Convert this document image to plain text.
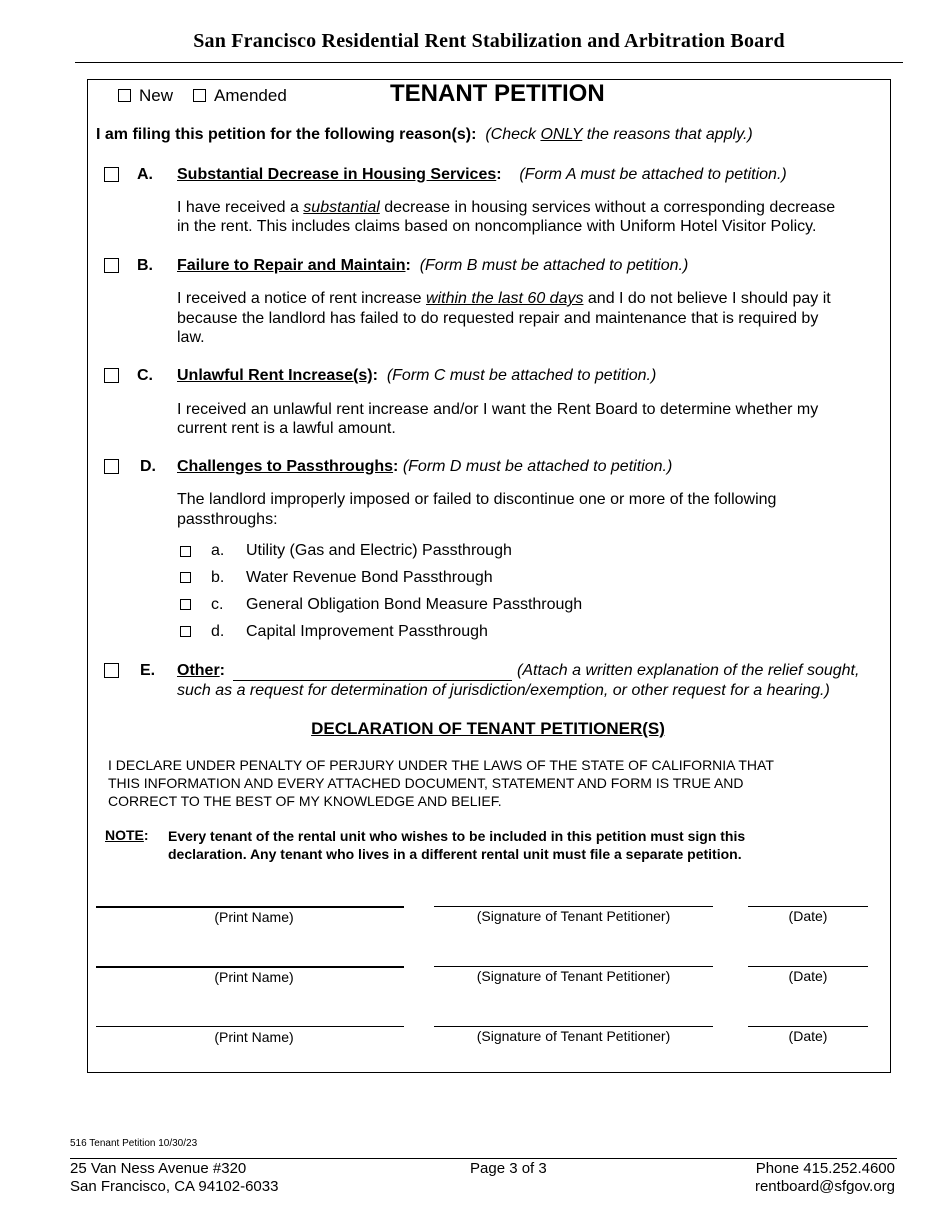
San Francisco Residential Rent Stabilization and Arbitration Board
New Amended	TENANT PETITION
I am filing this petition for the following reason(s): (Check ONLY the reasons that apply.)
A. Substantial Decrease in Housing Services: (Form A must be attached to petition.)
I have received a substantial decrease in housing services without a corresponding decrease
in the rent. This includes claims based on noncompliance with Uniform Hotel Visitor Policy.
B. Failure to Repair and Maintain: (Form B must be attached to petition.)
I received a notice of rent increase within the last 60 days and I do not believe I should pay it
because the landlord has failed to do requested repair and maintenance that is required by
law.
C. Unlawful Rent Increase(s): (Form C must be attached to petition.)
I received an unlawful rent increase and/or I want the Rent Board to determine whether my
current rent is a lawful amount.
D. Challenges to Passthroughs: (Form D must be attached to petition.)
The landlord improperly imposed or failed to discontinue one or more of the following
passthroughs:
a. Utility (Gas and Electric) Passthrough
b. Water Revenue Bond Passthrough
c. General Obligation Bond Measure Passthrough
d. Capital Improvement Passthrough
E. Other:	(Attach a written explanation of the relief sought,
such as a request for determination of jurisdiction/exemption, or other request for a hearing.)
DECLARATION OF TENANT PETITIONER(S)
I DECLARE UNDER PENALTY OF PERJURY UNDER THE LAWS OF THE STATE OF CALIFORNIA THAT
THIS INFORMATION AND EVERY ATTACHED DOCUMENT, STATEMENT AND FORM IS TRUE AND
CORRECT TO THE BEST OF MY KNOWLEDGE AND BELIEF.
NOTE: Every tenant of the rental unit who wishes to be included in this petition must sign this
declaration. Any tenant who lives in a different rental unit must file a separate petition.
(Print Name)	(Signature of Tenant Petitioner)	(Date)
(Print Name)	(Signature of Tenant Petitioner)	(Date)
(Print Name)	(Signature of Tenant Petitioner)	(Date)
516 Tenant Petition 10/30/23
25 Van Ness Avenue #320
San Francisco, CA 94102-6033
Page 3 of 3	Phone 415.252.4600
rentboard@sfgov.org
